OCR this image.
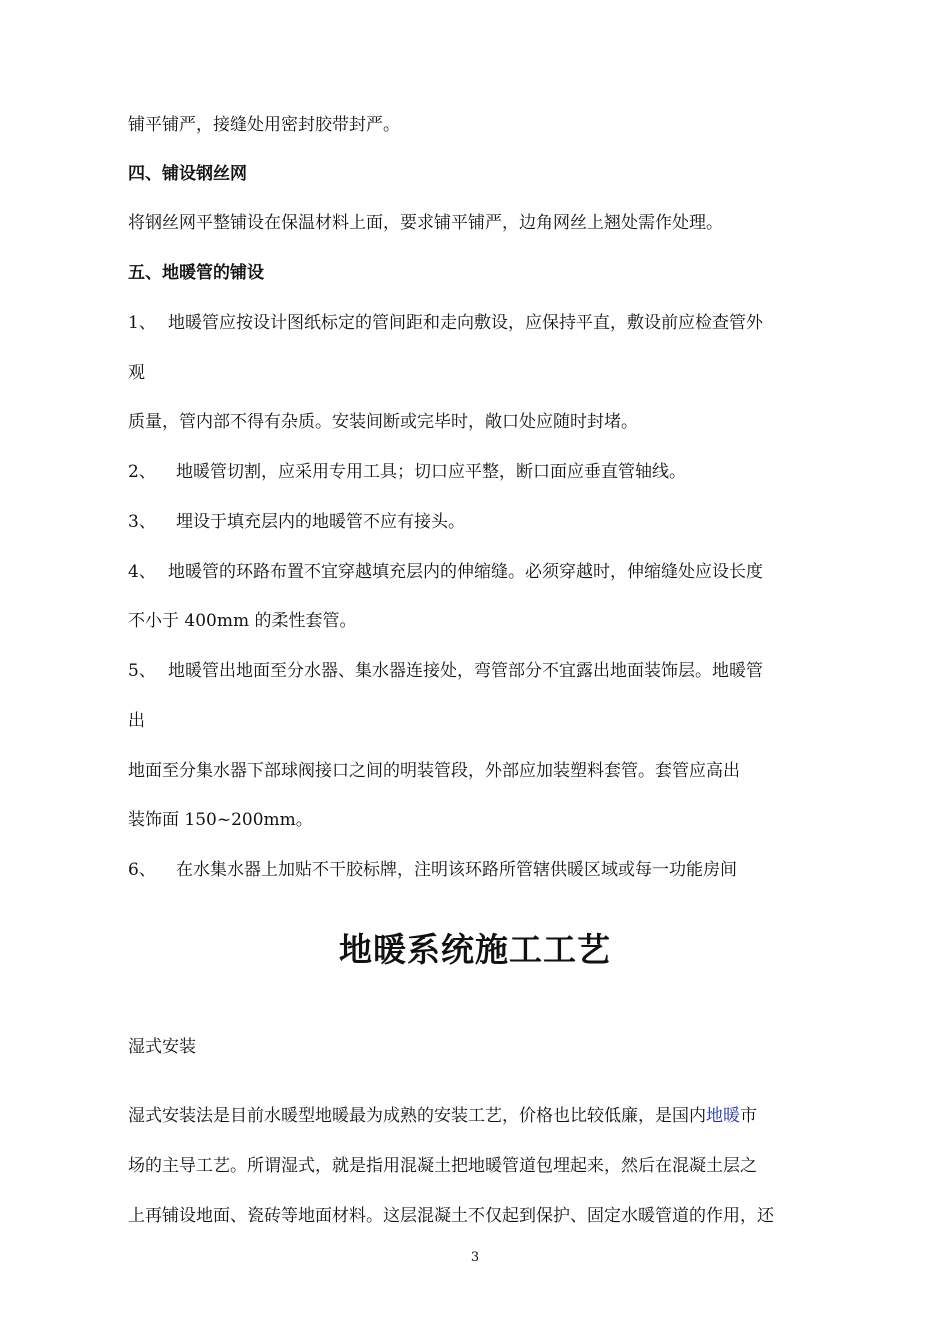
铺平铺严，接缝处用密封胶带封严。
四、铺设钢丝网
将钢丝网平整铺设在保温材料上面，要求铺平铺严，边角网丝上翘处需作处理。
五、地暖管的铺设
1、 地暖管应按设计图纸标定的管间距和走向敷设，应保持平直，敷设前应检查管外
观
质量，管内部不得有杂质。安装间断或完毕时，敞口处应随时封堵。
2、 地暖管切割，应采用专用工具；切口应平整，断口面应垂直管轴线。
3、 埋设于填充层内的地暖管不应有接头。
4、 地暖管的环路布置不宜穿越填充层内的伸缩缝。必须穿越时，伸缩缝处应设长度
不小于 400mm 的柔性套管。
5、 地暖管出地面至分水器、集水器连接处，弯管部分不宜露出地面装饰层。地暖管
出
地面至分集水器下部球阀接口之间的明装管段，外部应加装塑料套管。套管应高出
装饰面 150~200mm。
6、 在水集水器上加贴不干胶标牌，注明该环路所管辖供暖区域或每一功能房间
地暖系统施工工艺
湿式安装
湿式安装法是目前水暖型地暖最为成熟的安装工艺，价格也比较低廉，是国内地暖市
场的主导工艺。所谓湿式，就是指用混凝土把地暖管道包埋起来，然后在混凝土层之
上再铺设地面、瓷砖等地面材料。这层混凝土不仅起到保护、固定水暖管道的作用，还
3
